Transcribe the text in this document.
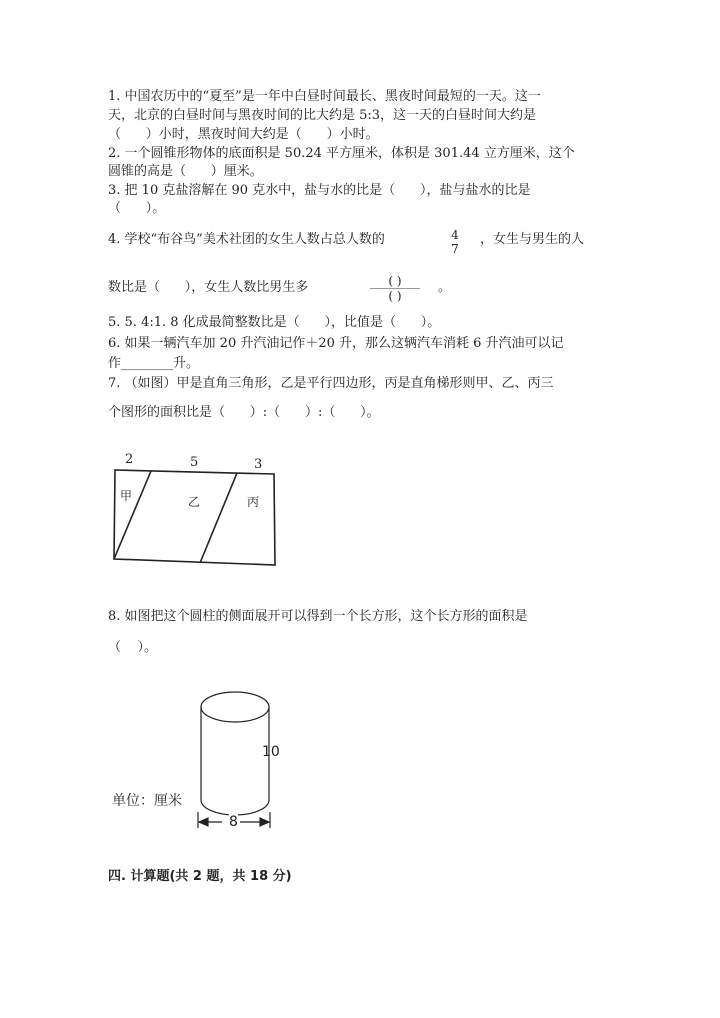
1. 中国农历中的“夏至”是一年中白昼时间最长、黑夜时间最短的一天。这一
天，北京的白昼时间与黑夜时间的比大约是 5:3，这一天的白昼时间大约是
（      ）小时，黑夜时间大约是（      ）小时。
2. 一个圆锥形物体的底面积是 50.24 平方厘米，体积是 301.44 立方厘米，这个
圆锥的高是（      ）厘米。
3. 把 10 克盐溶解在 90 克水中，盐与水的比是（      ），盐与盐水的比是
（      ）。
4. 学校“布谷鸟”美术社团的女生人数占总人数的	4
7
，女生与男生的人
数比是（      ），女生人数比男生多	( )
( )
。
5. 5. 4:1. 8 化成最简整数比是（      ），比值是（      ）。
6. 如果一辆汽车加 20 升汽油记作＋20 升，那么这辆汽车消耗 6 升汽油可以记
作________升。
7. （如图）甲是直角三角形，乙是平行四边形，丙是直角梯形则甲、乙、丙三
个图形的面积比是（      ）:（      ）:（      ）。
2	5	3
甲	乙	丙
8. 如图把这个圆柱的侧面展开可以得到一个长方形，这个长方形的面积是
（    ）。
10
8
单位：厘米
四. 计算题(共 2 题，共 18 分)
